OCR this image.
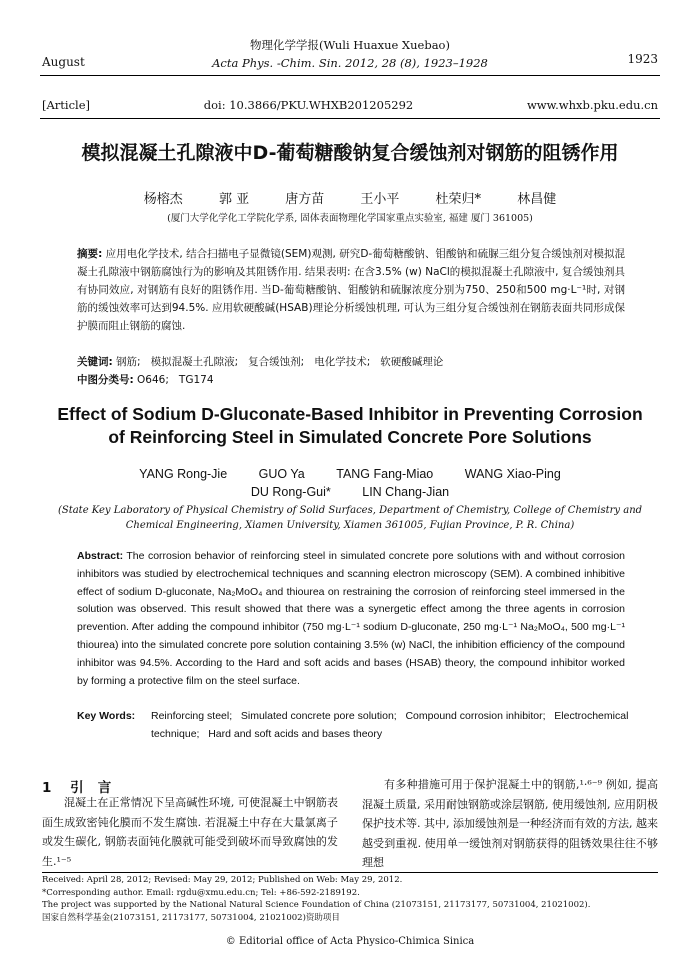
物理化学学报(Wuli Huaxue Xuebao)
Acta Phys. -Chim. Sin. 2012, 28 (8), 1923–1928
August	1923
[Article]	doi: 10.3866/PKU.WHXB201205292	www.whxb.pku.edu.cn
模拟混凝土孔隙液中D-葡萄糖酸钠复合缓蚀剂对钢筋的阻锈作用
杨榕杰	郭 亚	唐方苗	王小平	杜荣归*	林昌健
(厦门大学化学化工学院化学系, 固体表面物理化学国家重点实验室, 福建 厦门 361005)
摘要: 应用电化学技术, 结合扫描电子显微镜(SEM)观测, 研究D-葡萄糖酸钠、钼酸钠和硫脲三组分复合缓蚀剂对模拟混凝土孔隙液中钢筋腐蚀行为的影响及其阻锈作用. 结果表明: 在含3.5% (w) NaCl的模拟混凝土孔隙液中, 复合缓蚀剂具有协同效应, 对钢筋有良好的阻锈作用. 当D-葡萄糖酸钠、钼酸钠和硫脲浓度分别为750、250和500 mg·L⁻¹时, 对钢筋的缓蚀效率可达到94.5%. 应用软硬酸碱(HSAB)理论分析缓蚀机理, 可认为三组分复合缓蚀剂在钢筋表面共同形成保护膜而阻止钢筋的腐蚀.
关键词: 钢筋;   模拟混凝土孔隙液;   复合缓蚀剂;   电化学技术;   软硬酸碱理论
中图分类号: O646;   TG174
Effect of Sodium D-Gluconate-Based Inhibitor in Preventing Corrosion
of Reinforcing Steel in Simulated Concrete Pore Solutions
YANG Rong-Jie	GUO Ya	TANG Fang-Miao	WANG Xiao-Ping
DU Rong-Gui*	LIN Chang-Jian
(State Key Laboratory of Physical Chemistry of Solid Surfaces, Department of Chemistry, College of Chemistry and Chemical Engineering, Xiamen University, Xiamen 361005, Fujian Province, P. R. China)
Abstract: The corrosion behavior of reinforcing steel in simulated concrete pore solutions with and without corrosion inhibitors was studied by electrochemical techniques and scanning electron microscopy (SEM). A combined inhibitive effect of sodium D-gluconate, Na₂MoO₄ and thiourea on restraining the corrosion of reinforcing steel immersed in the solution was observed. This result showed that there was a synergetic effect among the three agents in corrosion prevention. After adding the compound inhibitor (750 mg·L⁻¹ sodium D-gluconate, 250 mg·L⁻¹ Na₂MoO₄, 500 mg·L⁻¹ thiourea) into the simulated concrete pore solution containing 3.5% (w) NaCl, the inhibition efficiency of the compound inhibitor was 94.5%. According to the Hard and soft acids and bases (HSAB) theory, the compound inhibitor worked by forming a protective film on the steel surface.
Key Words:	Reinforcing steel;   Simulated concrete pore solution;   Compound corrosion inhibitor;   Electrochemical technique;   Hard and soft acids and bases theory
1 引   言
混凝土在正常情况下呈高碱性环境, 可使混凝土中钢筋表面生成致密钝化膜而不发生腐蚀. 若混凝土中存在大量氯离子或发生碳化, 钢筋表面钝化膜就可能受到破坏而导致腐蚀的发生.¹⁻⁵
有多种措施可用于保护混凝土中的钢筋,¹·⁶⁻⁹ 例如, 提高混凝土质量, 采用耐蚀钢筋或涂层钢筋, 使用缓蚀剂, 应用阴极保护技术等. 其中, 添加缓蚀剂是一种经济而有效的方法, 越来越受到重视. 使用单一缓蚀剂对钢筋获得的阻锈效果往往不够理想
Received: April 28, 2012; Revised: May 29, 2012; Published on Web: May 29, 2012.
*Corresponding author. Email: rgdu@xmu.edu.cn; Tel: +86-592-2189192.
The project was supported by the National Natural Science Foundation of China (21073151, 21173177, 50731004, 21021002).
国家自然科学基金(21073151, 21173177, 50731004, 21021002)资助项目
© Editorial office of Acta Physico-Chimica Sinica
